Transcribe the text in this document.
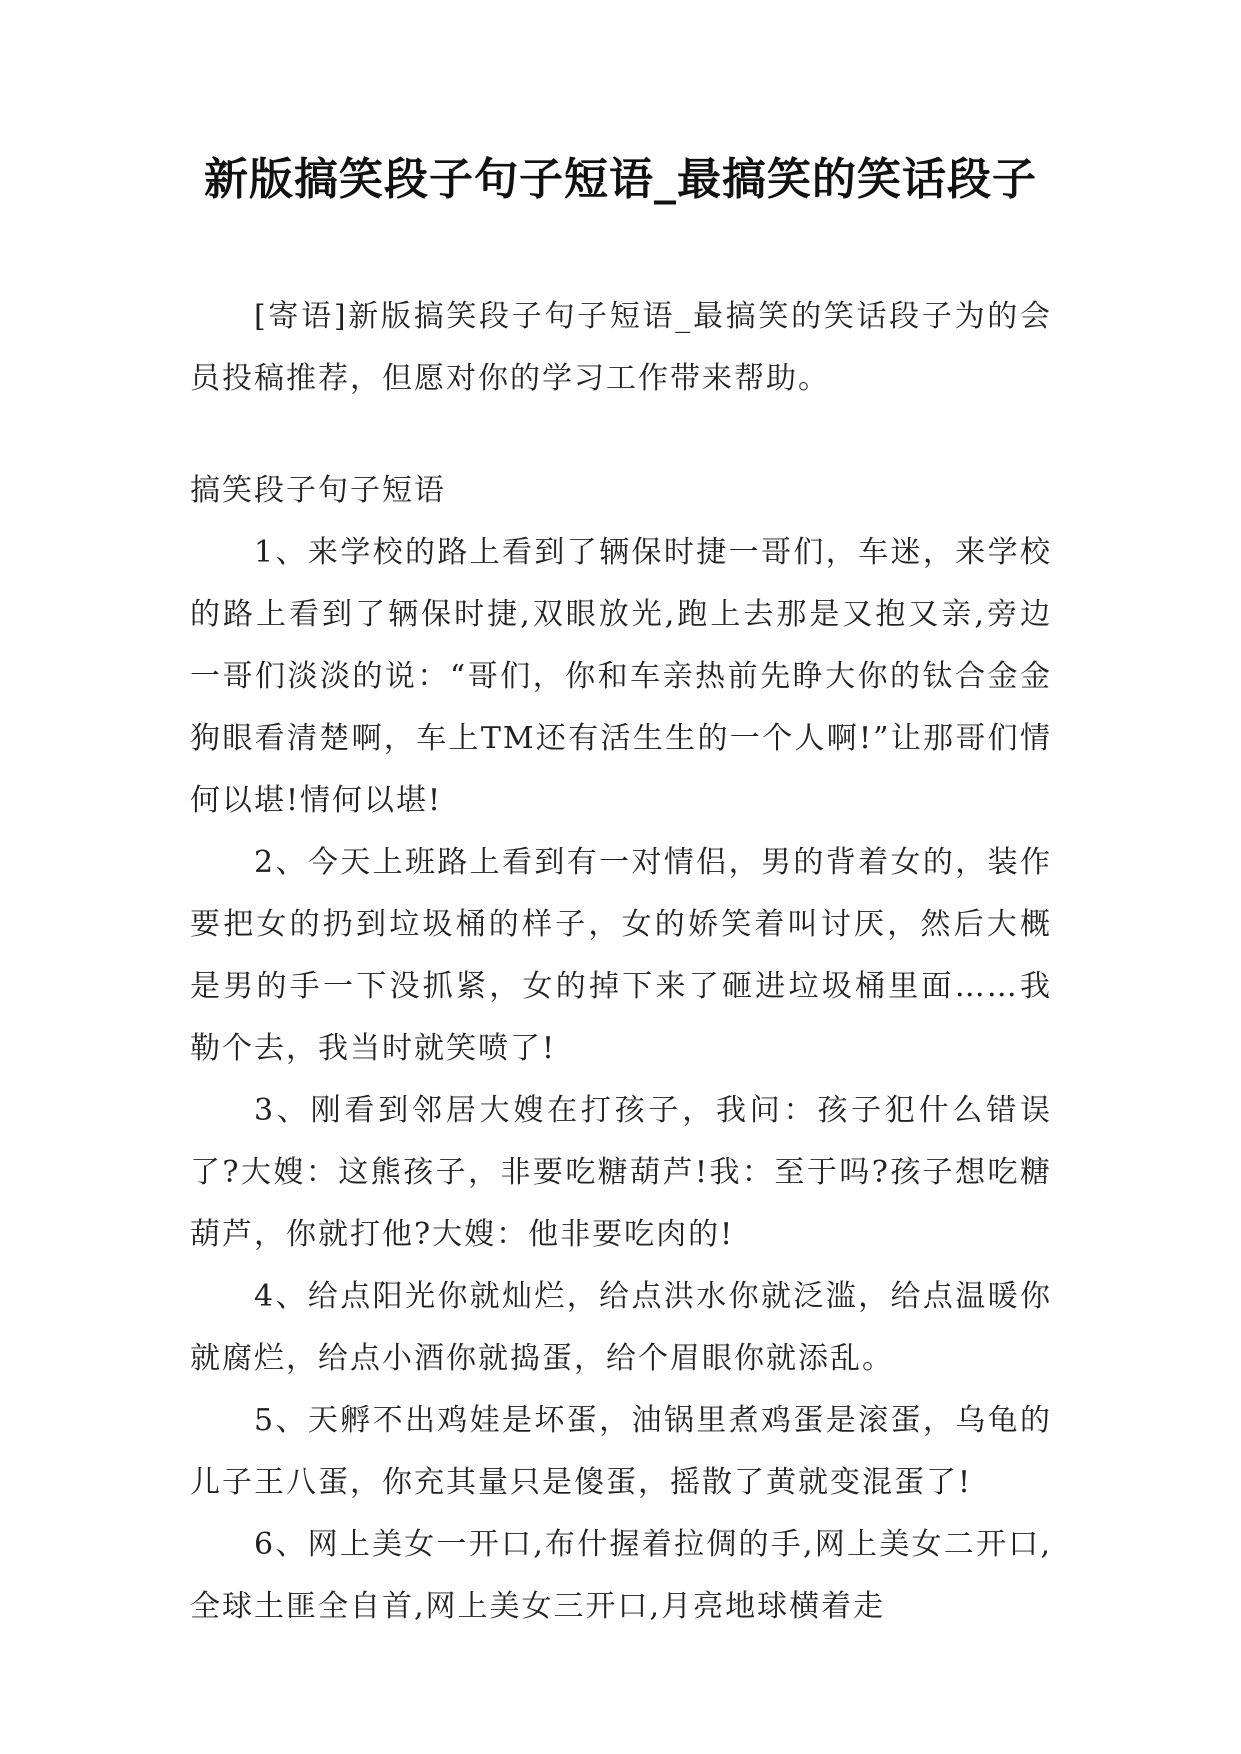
新版搞笑段子句子短语_最搞笑的笑话段子
[寄语]新版搞笑段子句子短语_最搞笑的笑话段子为的会员投稿推荐，但愿对你的学习工作带来帮助。
搞笑段子句子短语

1、来学校的路上看到了辆保时捷一哥们，车迷，来学校的路上看到了辆保时捷,双眼放光,跑上去那是又抱又亲,旁边一哥们淡淡的说：“哥们，你和车亲热前先睁大你的钛合金金狗眼看清楚啊，车上TM还有活生生的一个人啊!”让那哥们情何以堪!情何以堪!

2、今天上班路上看到有一对情侣，男的背着女的，装作要把女的扔到垃圾桶的样子，女的娇笑着叫讨厌，然后大概是男的手一下没抓紧，女的掉下来了砸进垃圾桶里面……我勒个去，我当时就笑喷了!

3、刚看到邻居大嫂在打孩子，我问：孩子犯什么错误了?大嫂：这熊孩子，非要吃糖葫芦!我：至于吗?孩子想吃糖葫芦，你就打他?大嫂：他非要吃肉的!

4、给点阳光你就灿烂，给点洪水你就泛滥，给点温暖你就腐烂，给点小酒你就捣蛋，给个眉眼你就添乱。

5、天孵不出鸡娃是坏蛋，油锅里煮鸡蛋是滚蛋，乌龟的儿子王八蛋，你充其量只是傻蛋，摇散了黄就变混蛋了!

6、网上美女一开口,布什握着拉倜的手,网上美女二开口,全球土匪全自首,网上美女三开口,月亮地球横着走
